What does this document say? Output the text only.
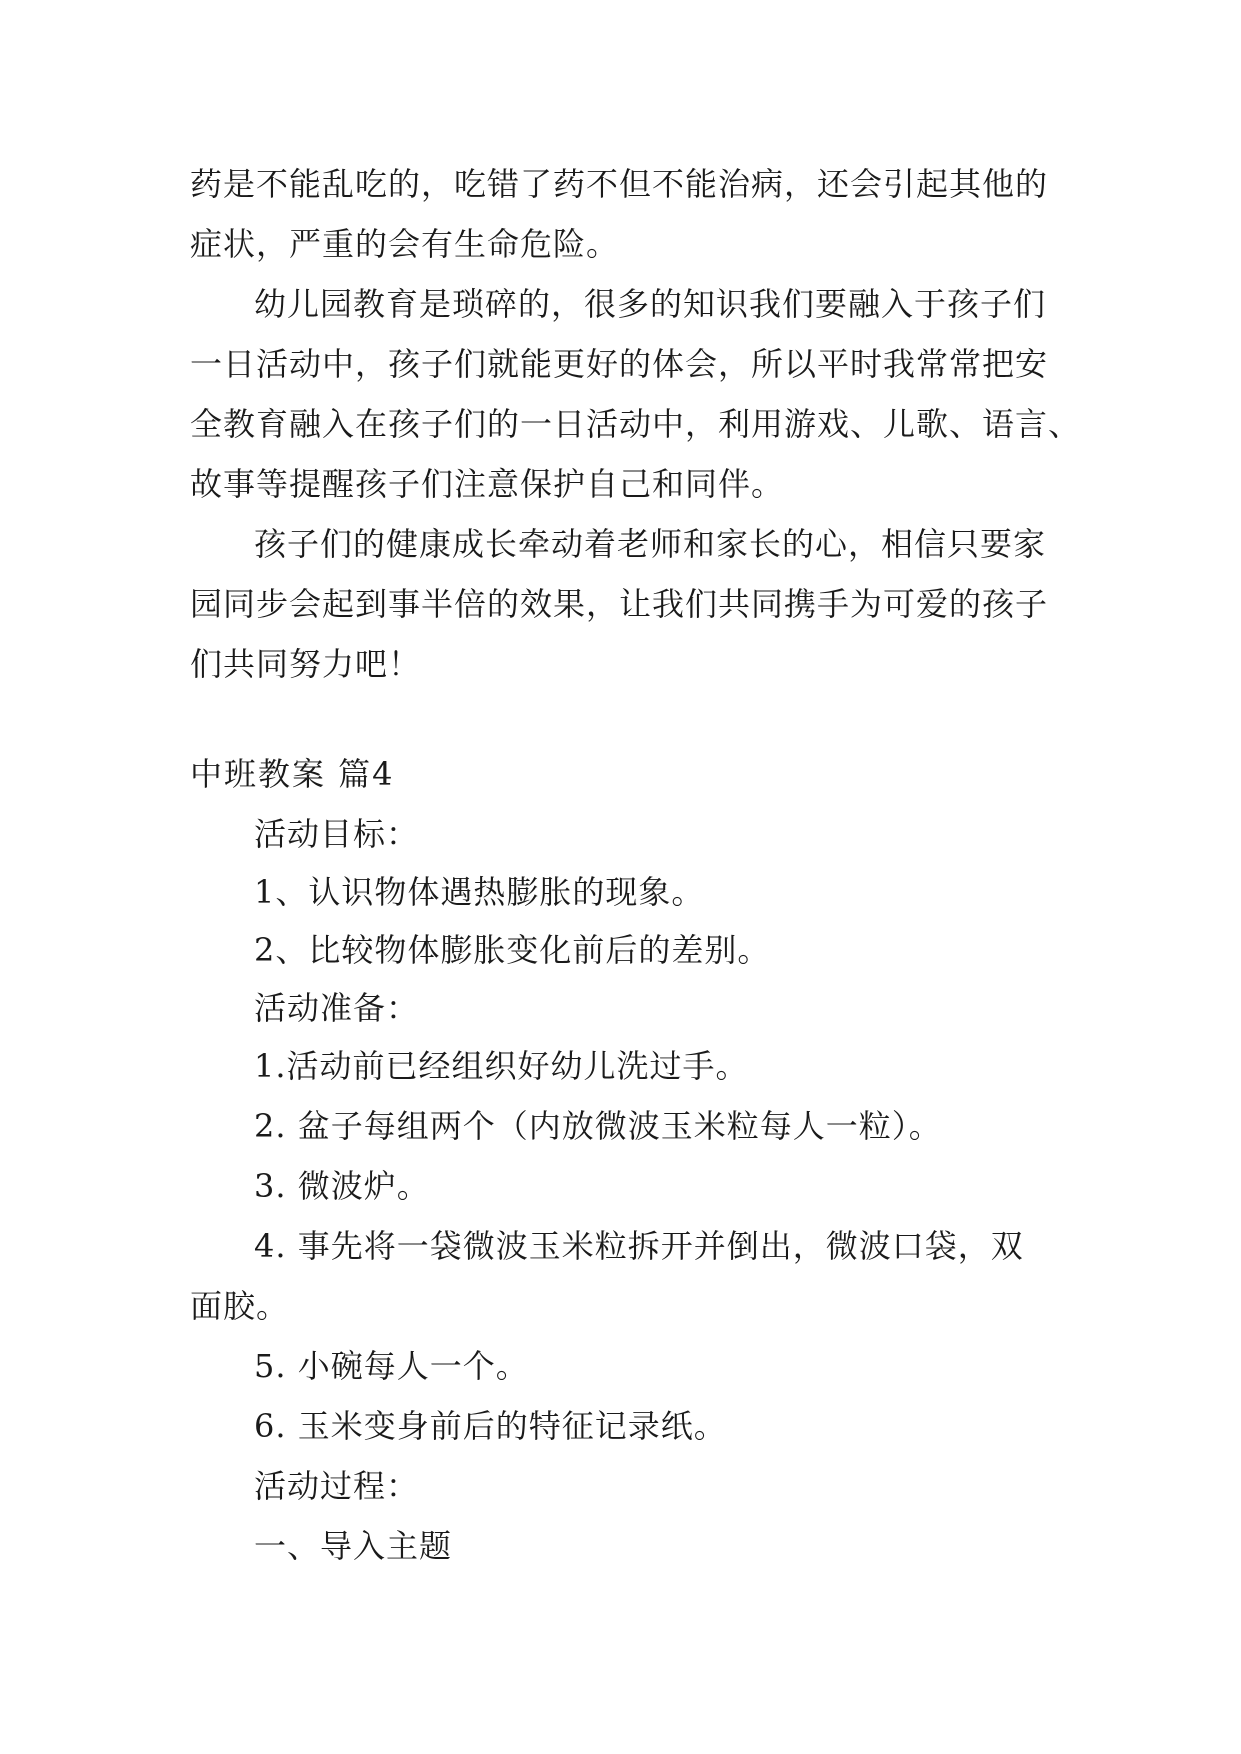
药是不能乱吃的，吃错了药不但不能治病，还会引起其他的
症状，严重的会有生命危险。
幼儿园教育是琐碎的，很多的知识我们要融入于孩子们
一日活动中，孩子们就能更好的体会，所以平时我常常把安
全教育融入在孩子们的一日活动中，利用游戏、儿歌、语言、
故事等提醒孩子们注意保护自己和同伴。
孩子们的健康成长牵动着老师和家长的心，相信只要家
园同步会起到事半倍的效果，让我们共同携手为可爱的孩子
们共同努力吧！
中班教案 篇4
活动目标：
1、认识物体遇热膨胀的现象。
2、比较物体膨胀变化前后的差别。
活动准备：
1.活动前已经组织好幼儿洗过手。
2. 盆子每组两个（内放微波玉米粒每人一粒）。
3. 微波炉。
4. 事先将一袋微波玉米粒拆开并倒出，微波口袋，双
面胶。
5. 小碗每人一个。
6. 玉米变身前后的特征记录纸。
活动过程：
一、导入主题
